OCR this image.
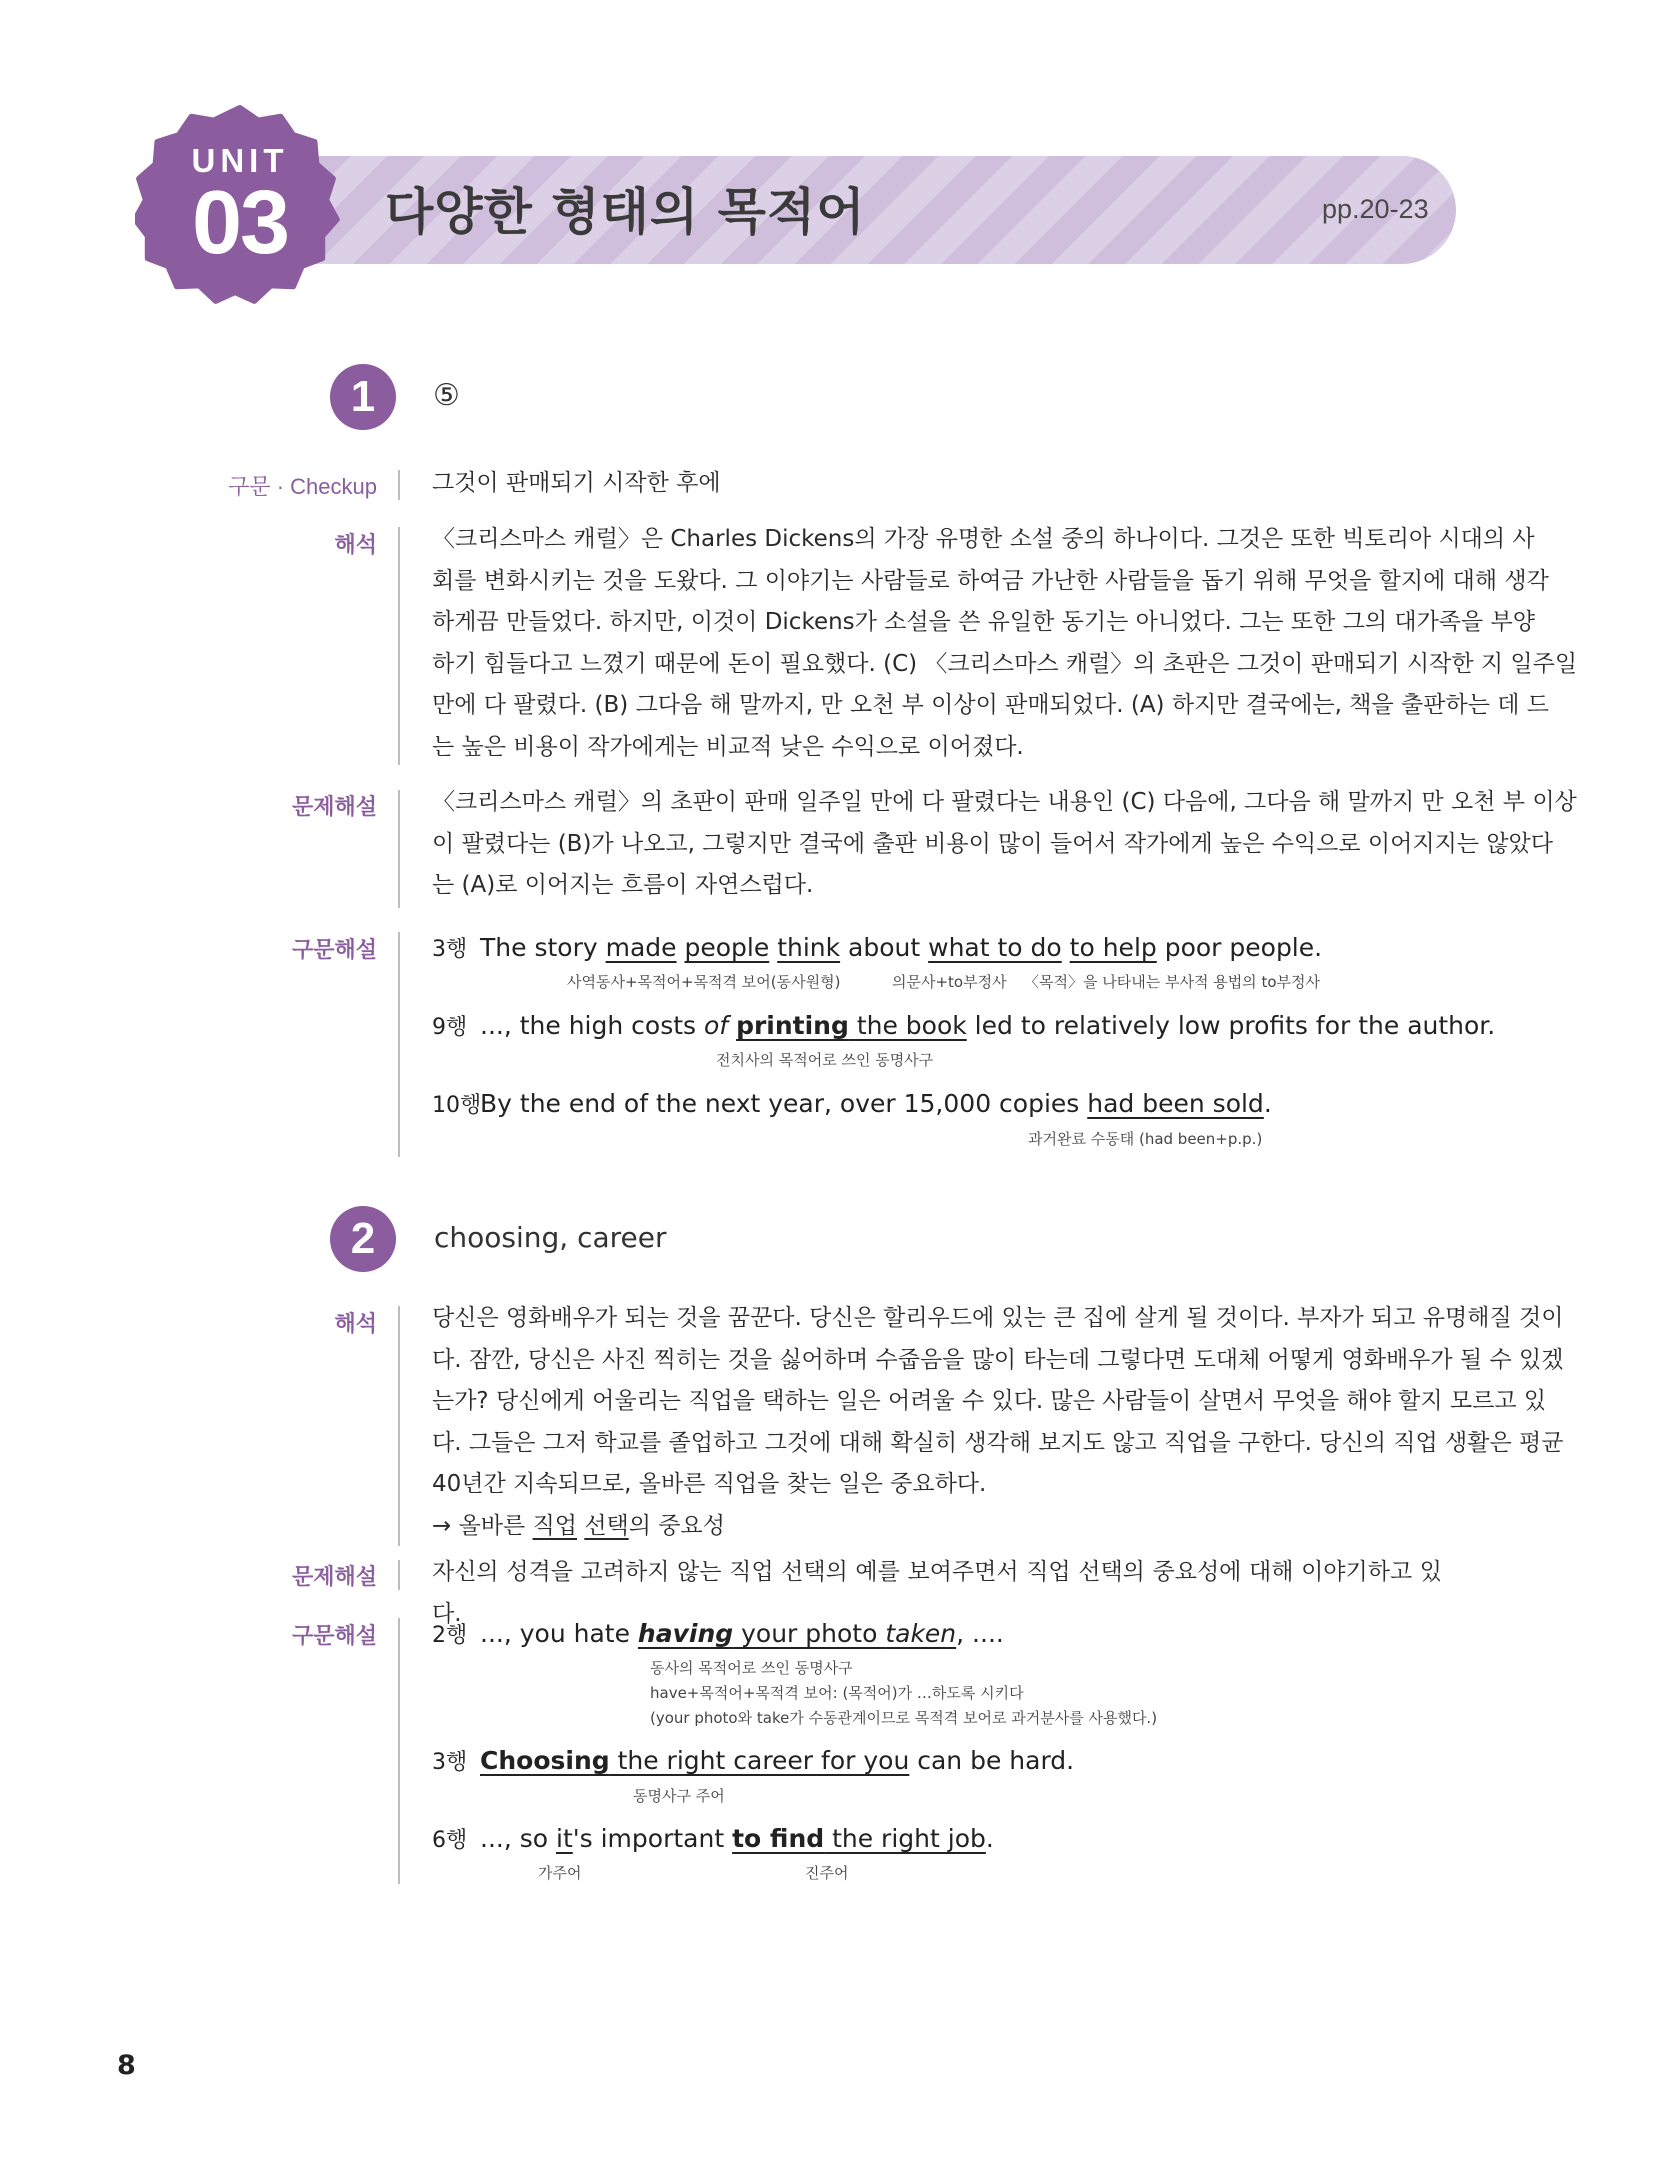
다양한 형태의 목적어	pp.20-23
UNIT
03
1	⑤
구문 · Checkup 그것이 판매되기 시작한 후에
해석 〈크리스마스 캐럴〉은 Charles Dickens의 가장 유명한 소설 중의 하나이다. 그것은 또한 빅토리아 시대의 사
회를 변화시키는 것을 도왔다. 그 이야기는 사람들로 하여금 가난한 사람들을 돕기 위해 무엇을 할지에 대해 생각
하게끔 만들었다. 하지만, 이것이 Dickens가 소설을 쓴 유일한 동기는 아니었다. 그는 또한 그의 대가족을 부양
하기 힘들다고 느꼈기 때문에 돈이 필요했다. (C) 〈크리스마스 캐럴〉의 초판은 그것이 판매되기 시작한 지 일주일
만에 다 팔렸다. (B) 그다음 해 말까지, 만 오천 부 이상이 판매되었다. (A) 하지만 결국에는, 책을 출판하는 데 드
는 높은 비용이 작가에게는 비교적 낮은 수익으로 이어졌다.
문제해설 〈크리스마스 캐럴〉의 초판이 판매 일주일 만에 다 팔렸다는 내용인 (C) 다음에, 그다음 해 말까지 만 오천 부 이상
이 팔렸다는 (B)가 나오고, 그렇지만 결국에 출판 비용이 많이 들어서 작가에게 높은 수익으로 이어지지는 않았다
는 (A)로 이어지는 흐름이 자연스럽다.
구문해설	3행 The story made people think about what to do to help poor people.
사역동사+목적어+목적격 보어(동사원형)	의문사+to부정사 〈목적〉을 나타내는 부사적 용법의 to부정사
9행 ..., the high costs of printing the book led to relatively low profits for the author.
전치사의 목적어로 쓰인 동명사구
10행By the end of the next year, over 15,000 copies had been sold.
과거완료 수동태 (had been+p.p.)
2	choosing, career
해석 당신은 영화배우가 되는 것을 꿈꾼다. 당신은 할리우드에 있는 큰 집에 살게 될 것이다. 부자가 되고 유명해질 것이
다. 잠깐, 당신은 사진 찍히는 것을 싫어하며 수줍음을 많이 타는데 그렇다면 도대체 어떻게 영화배우가 될 수 있겠
는가? 당신에게 어울리는 직업을 택하는 일은 어려울 수 있다. 많은 사람들이 살면서 무엇을 해야 할지 모르고 있
다. 그들은 그저 학교를 졸업하고 그것에 대해 확실히 생각해 보지도 않고 직업을 구한다. 당신의 직업 생활은 평균
40년간 지속되므로, 올바른 직업을 찾는 일은 중요하다.
→ 올바른 직업 선택의 중요성
문제해설 자신의 성격을 고려하지 않는 직업 선택의 예를 보여주면서 직업 선택의 중요성에 대해 이야기하고 있다.
구문해설	2행 ..., you hate having your photo taken, ....
동사의 목적어로 쓰인 동명사구
have+목적어+목적격 보어: (목적어)가 …하도록 시키다
(your photo와 take가 수동관계이므로 목적격 보어로 과거분사를 사용했다.)
3행 Choosing the right career for you can be hard.
동명사구 주어
6행 ..., so it's important to find the right job.
가주어	진주어
8
